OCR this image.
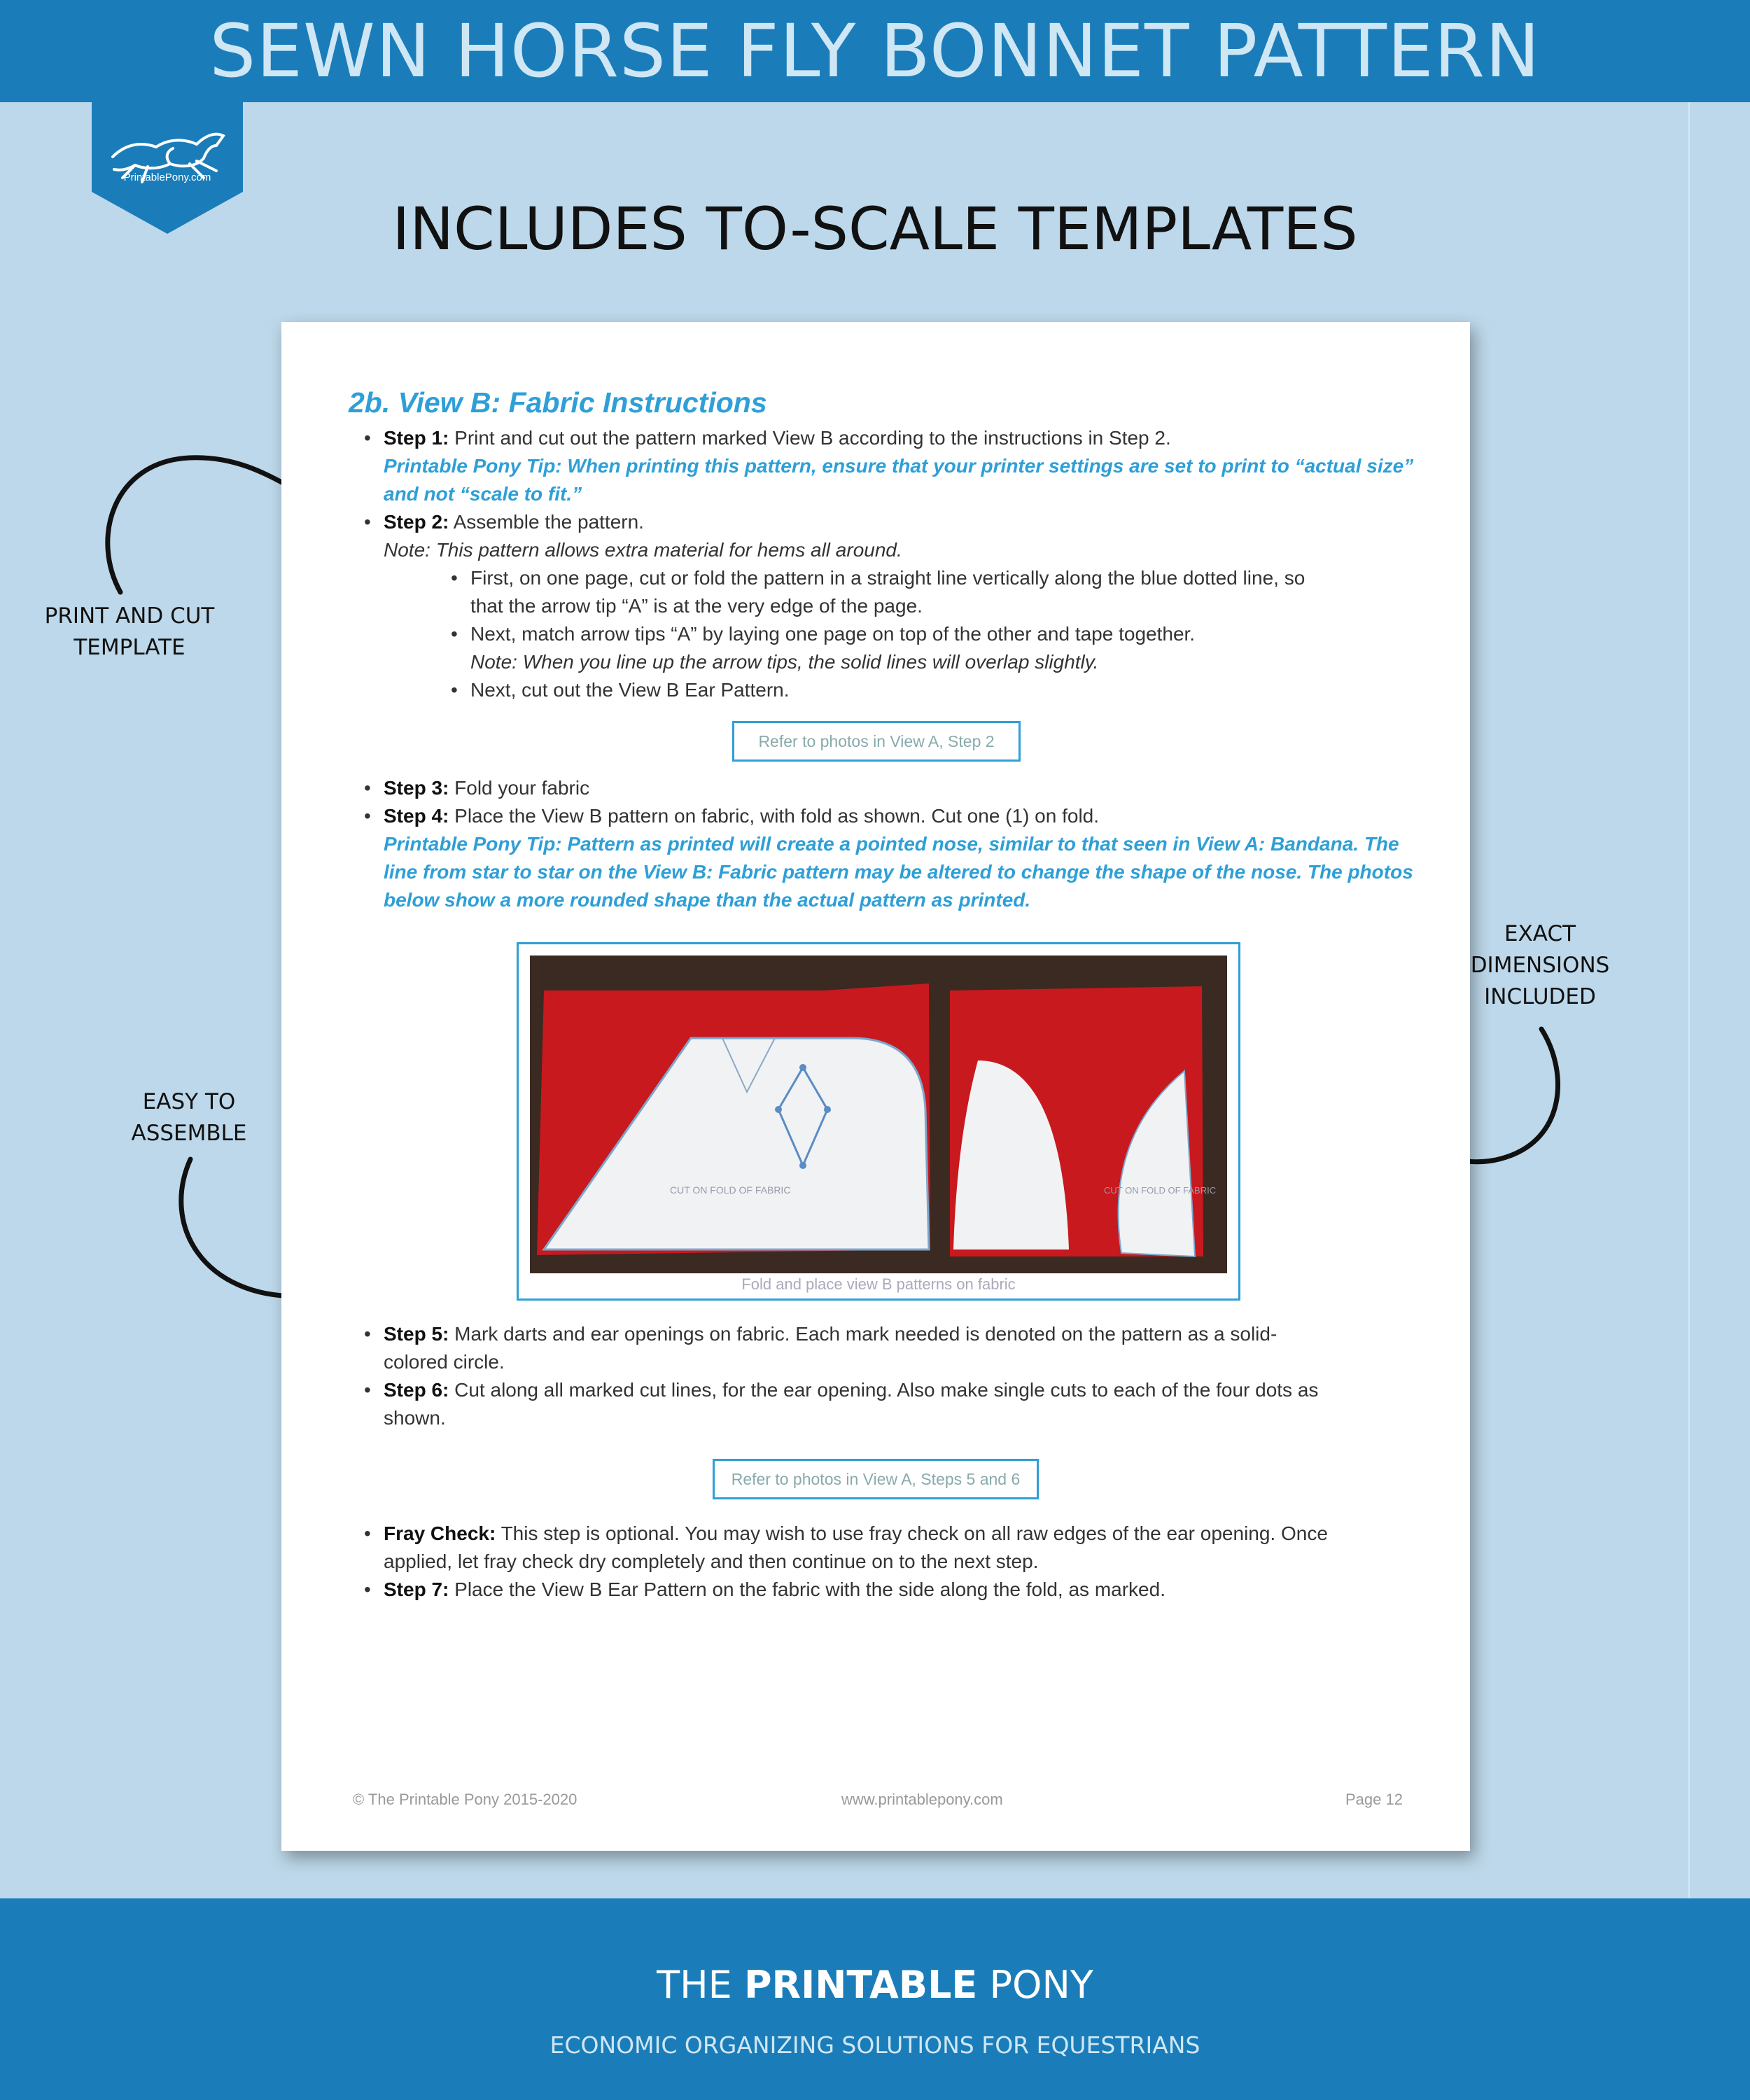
SEWN HORSE FLY BONNET PATTERN
PrintablePony.com
INCLUDES TO-SCALE TEMPLATES
PRINT AND CUT
TEMPLATE
EASY TO
ASSEMBLE
EXACT
DIMENSIONS
INCLUDED
2b. View B: Fabric Instructions
• Step 1: Print and cut out the pattern marked View B according to the instructions in Step 2.
Printable Pony Tip: When printing this pattern, ensure that your printer settings are set to print to “actual size”
and not “scale to fit.”
• Step 2: Assemble the pattern.
Note: This pattern allows extra material for hems all around.
• First, on one page, cut or fold the pattern in a straight line vertically along the blue dotted line, so
that the arrow tip “A” is at the very edge of the page.
• Next, match arrow tips “A” by laying one page on top of the other and tape together.
Note: When you line up the arrow tips, the solid lines will overlap slightly.
• Next, cut out the View B Ear Pattern.
Refer to photos in View A, Step 2
• Step 3: Fold your fabric
• Step 4: Place the View B pattern on fabric, with fold as shown. Cut one (1) on fold.
Printable Pony Tip: Pattern as printed will create a pointed nose, similar to that seen in View A: Bandana. The
line from star to star on the View B: Fabric pattern may be altered to change the shape of the nose. The photos
below show a more rounded shape than the actual pattern as printed.
CUT ON FOLD OF FABRIC	CUT ON FOLD OF FABRIC
Fold and place view B patterns on fabric
• Step 5: Mark darts and ear openings on fabric. Each mark needed is denoted on the pattern as a solid-
colored circle.
• Step 6: Cut along all marked cut lines, for the ear opening. Also make single cuts to each of the four dots as
shown.
Refer to photos in View A, Steps 5 and 6
• Fray Check: This step is optional. You may wish to use fray check on all raw edges of the ear opening. Once
applied, let fray check dry completely and then continue on to the next step.
• Step 7: Place the View B Ear Pattern on the fabric with the side along the fold, as marked.
© The Printable Pony 2015-2020	www.printablepony.com	Page 12
THE PRINTABLE PONY
ECONOMIC ORGANIZING SOLUTIONS FOR EQUESTRIANS
